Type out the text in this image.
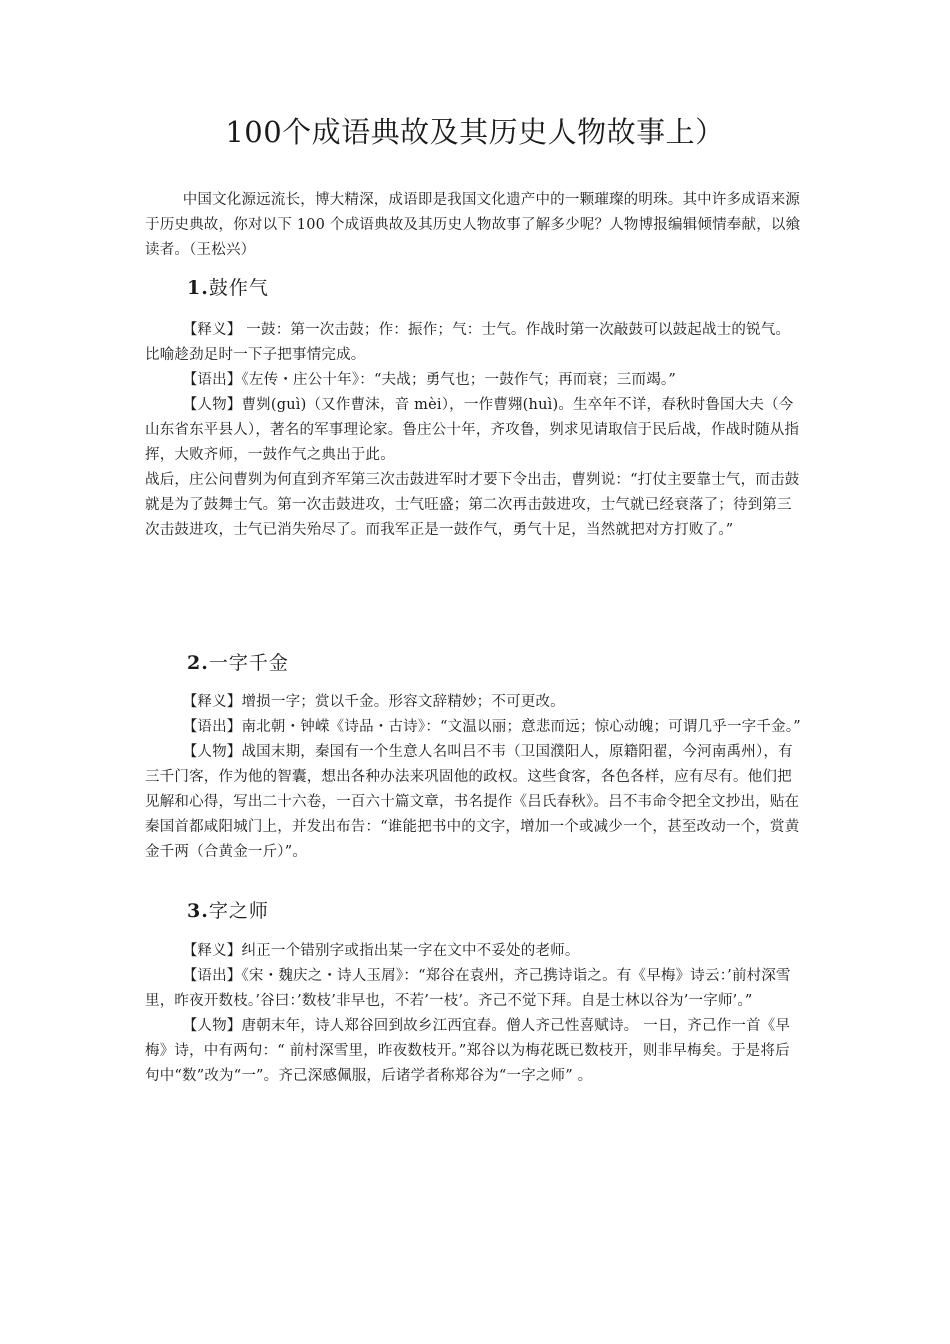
100个成语典故及其历史人物故事上）

中国文化源远流长，博大精深，成语即是我国文化遗产中的一颗璀璨的明珠。其中许多成语来源于历史典故，你对以下 100 个成语典故及其历史人物故事了解多少呢？人物博报编辑倾情奉献，以飨读者。（王松兴）

1.鼓作气

【释义】 一鼓：第一次击鼓；作：振作；气：士气。作战时第一次敲鼓可以鼓起战士的锐气。比喻趁劲足时一下子把事情完成。

【语出】《左传・庄公十年》：“夫战；勇气也；一鼓作气；再而衰；三而竭。”

【人物】曹刿(guì)（又作曹沫，音 mèi），一作曹翙(huì)。生卒年不详，春秋时鲁国大夫（今山东省东平县人），著名的军事理论家。鲁庄公十年，齐攻鲁，刿求见请取信于民后战，作战时随从指挥，大败齐师，一鼓作气之典出于此。

战后，庄公问曹刿为何直到齐军第三次击鼓进军时才要下令出击，曹刿说：“打仗主要靠士气，而击鼓就是为了鼓舞士气。第一次击鼓进攻，士气旺盛；第二次再击鼓进攻，士气就已经衰落了；待到第三次击鼓进攻，士气已消失殆尽了。而我军正是一鼓作气，勇气十足，当然就把对方打败了。”

2.一字千金

【释义】增损一字；赏以千金。形容文辞精妙；不可更改。

【语出】南北朝・钟嵘《诗品・古诗》：“文温以丽；意悲而远；惊心动魄；可谓几乎一字千金。”

【人物】战国末期，秦国有一个生意人名叫吕不韦（卫国濮阳人，原籍阳翟，今河南禹州），有三千门客，作为他的智囊，想出各种办法来巩固他的政权。这些食客，各色各样，应有尽有。他们把见解和心得，写出二十六卷，一百六十篇文章，书名提作《吕氏春秋》。吕不韦命令把全文抄出，贴在秦国首都咸阳城门上，并发出布告：“谁能把书中的文字，增加一个或减少一个，甚至改动一个，赏黄金千两（合黄金一斤）”。

3.字之师

【释义】纠正一个错别字或指出某一字在文中不妥处的老师。

【语出】《宋・魏庆之・诗人玉屑》：“郑谷在袁州，齐己携诗诣之。有《早梅》诗云：’前村深雪里，昨夜开数枝。’谷曰：’数枝’非早也，不若’一枝’。齐己不觉下拜。自是士林以谷为’一字师’。”

【人物】唐朝末年，诗人郑谷回到故乡江西宜春。僧人齐己性喜赋诗。 一日，齐己作一首《早梅》诗，中有两句：“ 前村深雪里，昨夜数枝开。”郑谷以为梅花既已数枝开，则非早梅矣。于是将后句中“数”改为“一”。齐己深感佩服，后诸学者称郑谷为“一字之师” 。
